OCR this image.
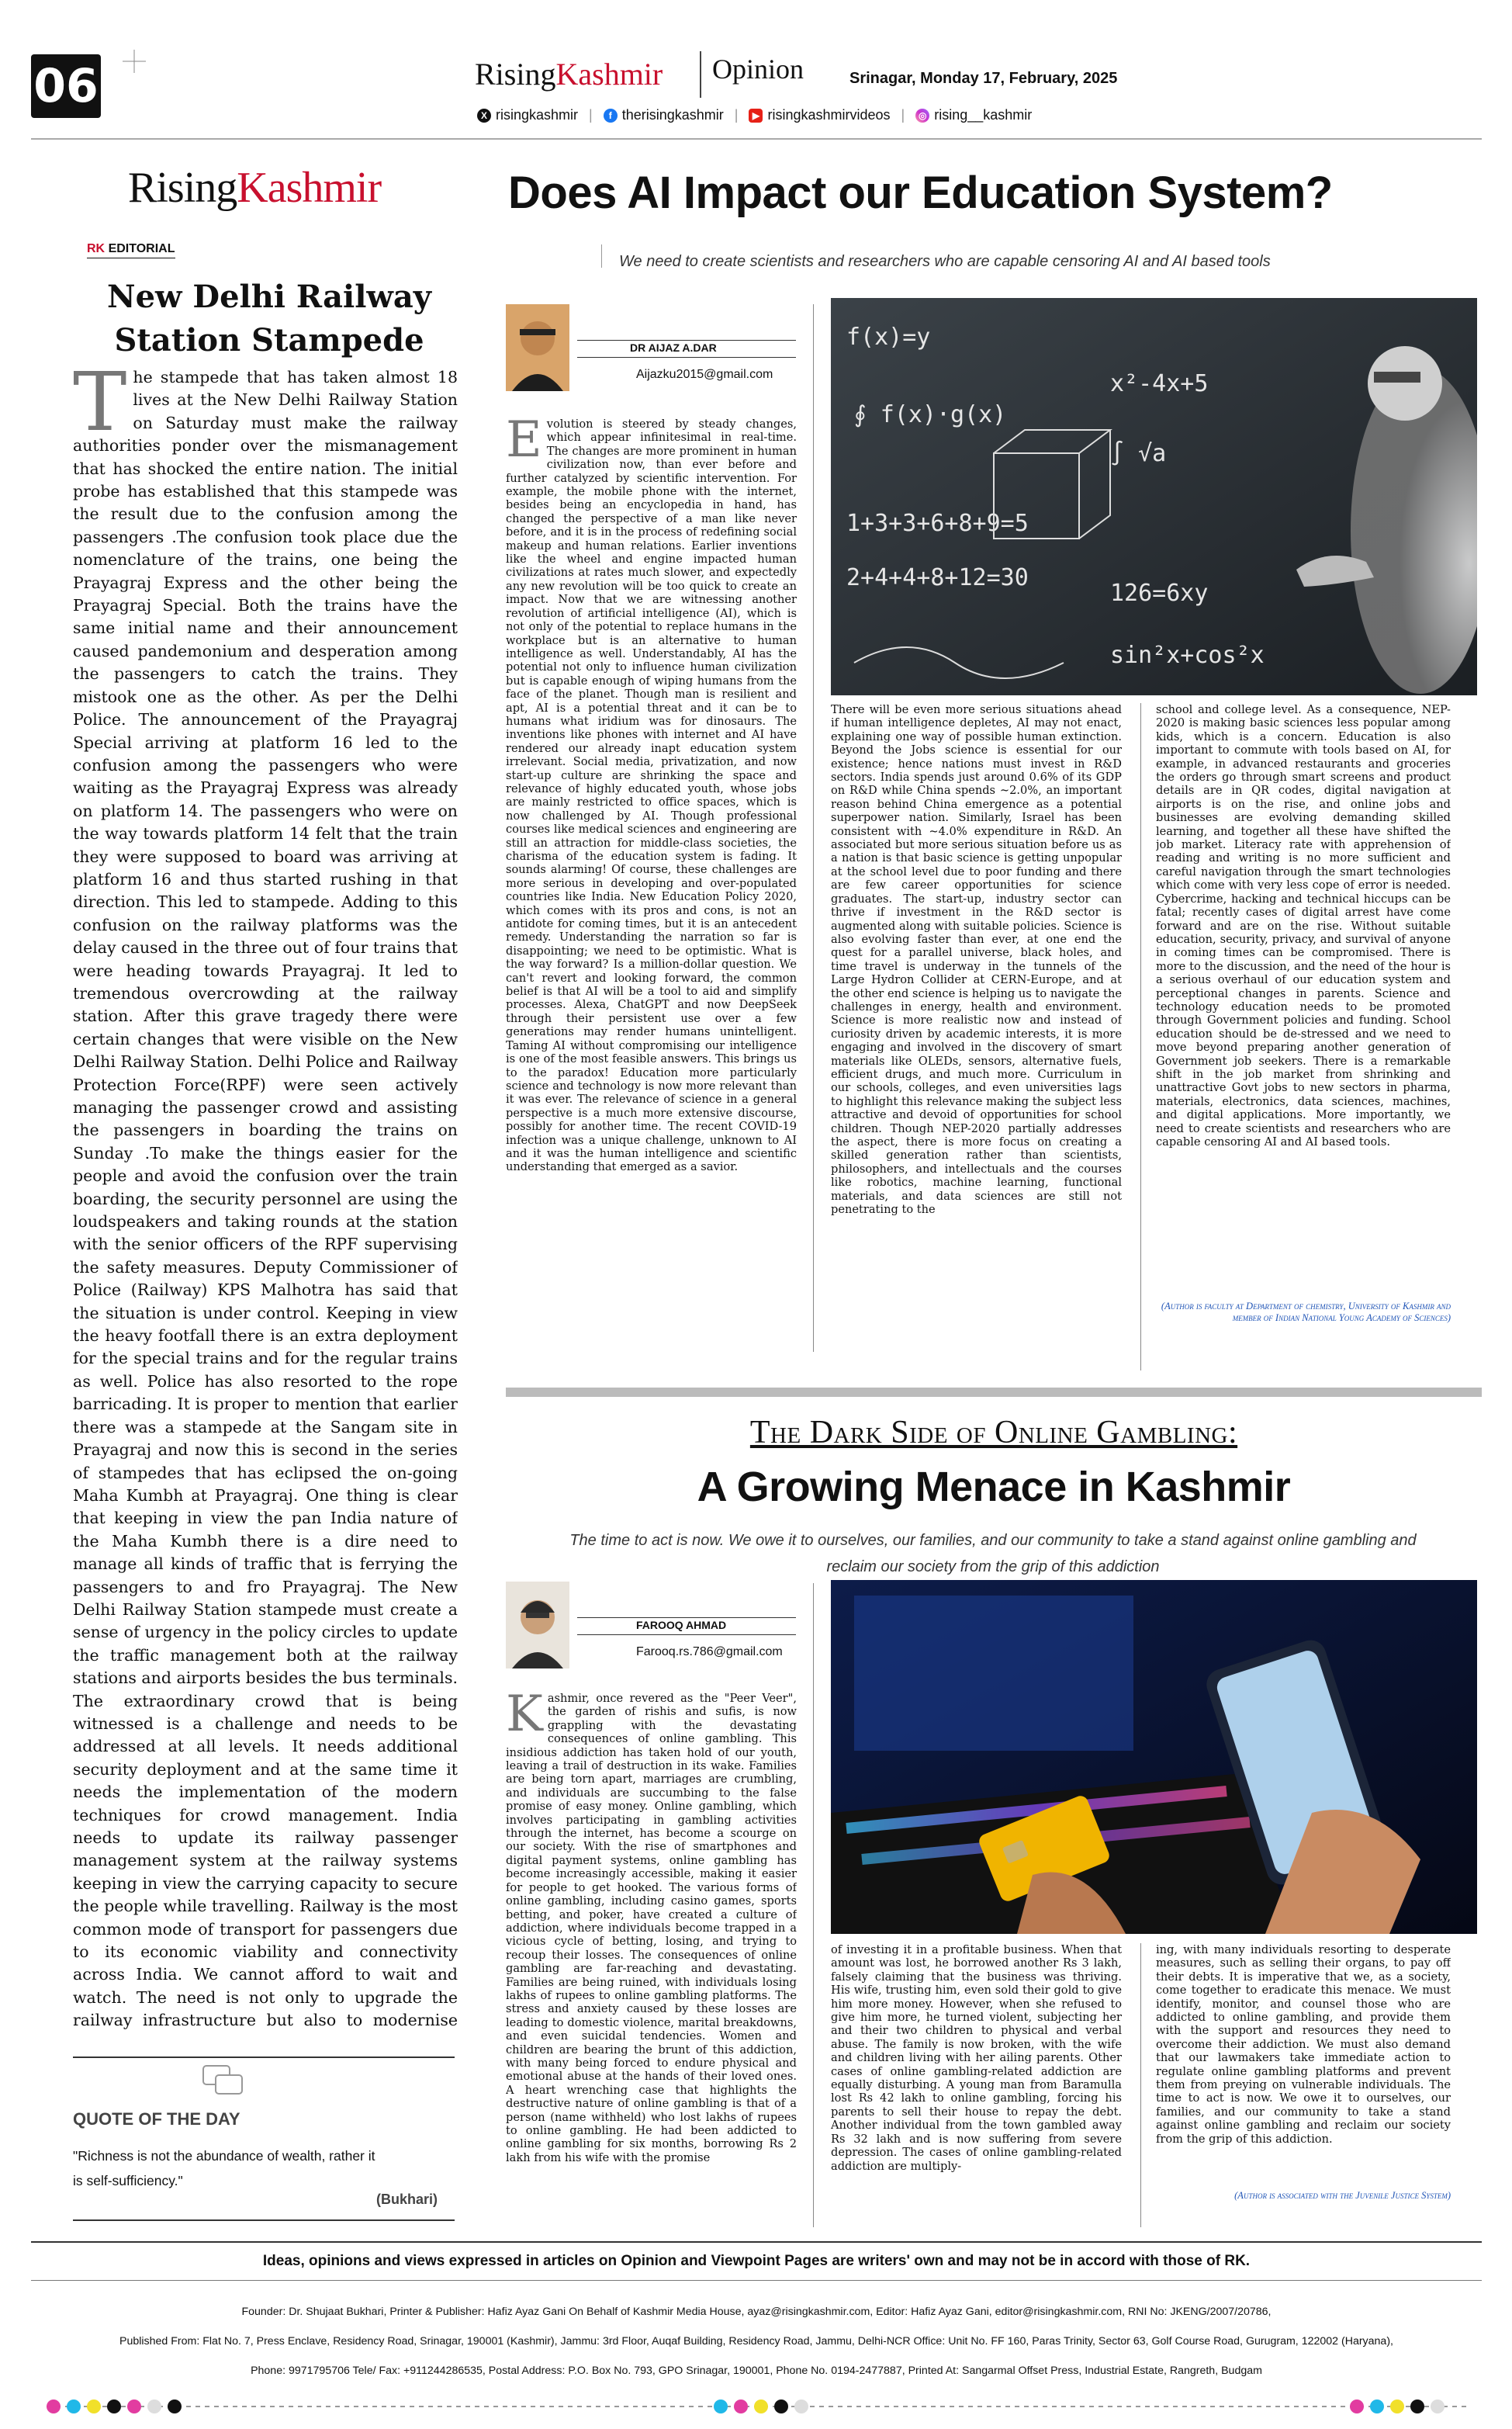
06	RisingKashmir Opinion	Srinagar, Monday 17, February, 2025
X risingkashmir |	f therisingkashmir |	▶ risingkashmirvideos |	◎ rising__kashmir
RisingKashmir
RK EDITORIAL
New Delhi Railway Station Stampede
The stampede that has taken almost 18 lives at the New Delhi Railway Station on Saturday must make the railway authorities ponder over the mismanagement that has shocked the entire nation. The initial probe has established that this stampede was the result due to the confusion among the passengers .The confusion took place due the nomenclature of the trains, one being the Prayagraj Express and the other being the Prayagraj Special. Both the trains have the same initial name and their announcement caused pandemonium and desperation among the passengers to catch the trains. They mistook one as the other. As per the Delhi Police. The announcement of the Prayagraj Special arriving at platform 16 led to the confusion among the passengers who were waiting as the Prayagraj Express was already on platform 14. The passengers who were on the way towards platform 14 felt that the train they were supposed to board was arriving at platform 16 and thus started rushing in that direction. This led to stampede. Adding to this confusion on the railway platforms was the delay caused in the three out of four trains that were heading towards Prayagraj. It led to tremendous overcrowding at the railway station. After this grave tragedy there were certain changes that were visible on the New Delhi Railway Station. Delhi Police and Railway Protection Force(RPF) were seen actively managing the passenger crowd and assisting the passengers in boarding the trains on Sunday .To make the things easier for the people and avoid the confusion over the train boarding, the security personnel are using the loudspeakers and taking rounds at the station with the senior officers of the RPF supervising the safety measures. Deputy Commissioner of Police (Railway) KPS Malhotra has said that the situation is under control. Keeping in view the heavy footfall there is an extra deployment for the special trains and for the regular trains as well. Police has also resorted to the rope barricading. It is proper to mention that earlier there was a stampede at the Sangam site in Prayagraj and now this is second in the series of stampedes that has eclipsed the on-going Maha Kumbh at Prayagraj. One thing is clear that keeping in view the pan India nature of the Maha Kumbh there is a dire need to manage all kinds of traffic that is ferrying the passengers to and fro Prayagraj. The New Delhi Railway Station stampede must create a sense of urgency in the policy circles to update the traffic management both at the railway stations and airports besides the bus terminals. The extraordinary crowd that is being witnessed is a challenge and needs to be addressed at all levels. It needs additional security deployment and at the same time it needs the implementation of the modern techniques for crowd management. India needs to update its railway passenger management system at the railway systems keeping in view the carrying capacity to secure the people while travelling. Railway is the most common mode of transport for passengers due to its economic viability and connectivity across India. We cannot afford to wait and watch. The need is not only to upgrade the railway infrastructure but also to modernise
QUOTE OF THE DAY
"Richness is not the abundance of wealth, rather it is self-sufficiency."
(Bukhari)
Does AI Impact our Education System?
We need to create scientists and researchers who are capable censoring AI and AI based tools
DR AIJAZ A.DAR
Aijazku2015@gmail.com
Evolution is steered by steady changes, which appear infinitesimal in real-time. The changes are more prominent in human civilization now, than ever before and further catalyzed by scientific intervention. For example, the mobile phone with the internet, besides being an encyclopedia in hand, has changed the perspective of a man like never before, and it is in the process of redefining social makeup and human relations. Earlier inventions like the wheel and engine impacted human civilizations at rates much slower, and expectedly any new revolution will be too quick to create an impact. Now that we are witnessing another revolution of artificial intelligence (AI), which is not only of the potential to replace humans in the workplace but is an alternative to human intelligence as well. Understandably, AI has the potential not only to influence human civilization but is capable enough of wiping humans from the face of the planet. Though man is resilient and apt, AI is a potential threat and it can be to humans what iridium was for dinosaurs. The inventions like phones with internet and AI have rendered our already inapt education system irrelevant. Social media, privatization, and now start-up culture are shrinking the space and relevance of highly educated youth, whose jobs are mainly restricted to office spaces, which is now challenged by AI. Though professional courses like medical sciences and engineering are still an attraction for middle-class societies, the charisma of the education system is fading. It sounds alarming! Of course, these challenges are more serious in developing and over-populated countries like India. New Education Policy 2020, which comes with its pros and cons, is not an antidote for coming times, but it is an antecedent remedy. Understanding the narration so far is disappointing; we need to be optimistic. What is the way forward? Is a million-dollar question. We can't revert and looking forward, the common belief is that AI will be a tool to aid and simplify processes. Alexa, ChatGPT and now DeepSeek through their persistent use over a few generations may render humans unintelligent. Taming AI without compromising our intelligence is one of the most feasible answers. This brings us to the paradox! Education more particularly science and technology is now more relevant than it was ever. The relevance of science in a general perspective is a much more extensive discourse, possibly for another time. The recent COVID-19 infection was a unique challenge, unknown to AI and it was the human intelligence and scientific understanding that emerged as a savior.
f(x)=y
∮ f(x)·g(x)
x²-4x+5
1+3+3+6+8+9=5
2+4+4+8+12=30
∫ √a
126=6xy
sin²x+cos²x
There will be even more serious situations ahead if human intelligence depletes, AI may not enact, explaining one way of possible human extinction. Beyond the Jobs science is essential for our existence; hence nations must invest in R&D sectors. India spends just around 0.6% of its GDP on R&D while China spends ~2.0%, an important reason behind China emergence as a potential superpower nation. Similarly, Israel has been consistent with ~4.0% expenditure in R&D. An associated but more serious situation before us as a nation is that basic science is getting unpopular at the school level due to poor funding and there are few career opportunities for science graduates. The start-up, industry sector can thrive if investment in the R&D sector is augmented along with suitable policies. Science is also evolving faster than ever, at one end the quest for a parallel universe, black holes, and time travel is underway in the tunnels of the Large Hydron Collider at CERN-Europe, and at the other end science is helping us to navigate the challenges in energy, health and environment. Science is more realistic now and instead of curiosity driven by academic interests, it is more engaging and involved in the discovery of smart materials like OLEDs, sensors, alternative fuels, efficient drugs, and much more. Curriculum in our schools, colleges, and even universities lags to highlight this relevance making the subject less attractive and devoid of opportunities for school children. Though NEP-2020 partially addresses the aspect, there is more focus on creating a skilled generation rather than scientists, philosophers, and intellectuals and the courses like robotics, machine learning, functional materials, and data sciences are still not penetrating to the
school and college level. As a consequence, NEP-2020 is making basic sciences less popular among kids, which is a concern. Education is also important to commute with tools based on AI, for example, in advanced restaurants and groceries the orders go through smart screens and product details are in QR codes, digital navigation at airports is on the rise, and online jobs and businesses are evolving demanding skilled learning, and together all these have shifted the job market. Literacy rate with apprehension of reading and writing is no more sufficient and careful navigation through the smart technologies which come with very less cope of error is needed. Cybercrime, hacking and technical hiccups can be fatal; recently cases of digital arrest have come forward and are on the rise. Without suitable education, security, privacy, and survival of anyone in coming times can be compromised. There is more to the discussion, and the need of the hour is a serious overhaul of our education system and perceptional changes in parents. Science and technology education needs to be promoted through Government policies and funding. School education should be de-stressed and we need to move beyond preparing another generation of Government job seekers. There is a remarkable shift in the job market from shrinking and unattractive Govt jobs to new sectors in pharma, materials, electronics, data sciences, machines, and digital applications. More importantly, we need to create scientists and researchers who are capable censoring AI and AI based tools.
(Author is faculty at Department of chemistry, University of Kashmir and member of Indian National Young Academy of Sciences)
The Dark Side of Online Gambling:
A Growing Menace in Kashmir
The time to act is now. We owe it to ourselves, our families, and our community to take a stand against online gambling and reclaim our society from the grip of this addiction
FAROOQ AHMAD
Farooq.rs.786@gmail.com
Kashmir, once revered as the "Peer Veer", the garden of rishis and sufis, is now grappling with the devastating consequences of online gambling. This insidious addiction has taken hold of our youth, leaving a trail of destruction in its wake. Families are being torn apart, marriages are crumbling, and individuals are succumbing to the false promise of easy money. Online gambling, which involves participating in gambling activities through the internet, has become a scourge on our society. With the rise of smartphones and digital payment systems, online gambling has become increasingly accessible, making it easier for people to get hooked. The various forms of online gambling, including casino games, sports betting, and poker, have created a culture of addiction, where individuals become trapped in a vicious cycle of betting, losing, and trying to recoup their losses. The consequences of online gambling are far-reaching and devastating. Families are being ruined, with individuals losing lakhs of rupees to online gambling platforms. The stress and anxiety caused by these losses are leading to domestic violence, marital breakdowns, and even suicidal tendencies. Women and children are bearing the brunt of this addiction, with many being forced to endure physical and emotional abuse at the hands of their loved ones. A heart wrenching case that highlights the destructive nature of online gambling is that of a person (name withheld) who lost lakhs of rupees to online gambling. He had been addicted to online gambling for six months, borrowing Rs 2 lakh from his wife with the promise
of investing it in a profitable business. When that amount was lost, he borrowed another Rs 3 lakh, falsely claiming that the business was thriving. His wife, trusting him, even sold their gold to give him more money. However, when she refused to give him more, he turned violent, subjecting her and their two children to physical and verbal abuse. The family is now broken, with the wife and children living with her ailing parents. Other cases of online gambling-related addiction are equally disturbing. A young man from Baramulla lost Rs 42 lakh to online gambling, forcing his parents to sell their house to repay the debt. Another individual from the town gambled away Rs 32 lakh and is now suffering from severe depression. The cases of online gambling-related addiction are multiply-
ing, with many individuals resorting to desperate measures, such as selling their organs, to pay off their debts. It is imperative that we, as a society, come together to eradicate this menace. We must identify, monitor, and counsel those who are addicted to online gambling, and provide them with the support and resources they need to overcome their addiction. We must also demand that our lawmakers take immediate action to regulate online gambling platforms and prevent them from preying on vulnerable individuals. The time to act is now. We owe it to ourselves, our families, and our community to take a stand against online gambling and reclaim our society from the grip of this addiction.
(Author is associated with the Juvenile Justice System)
Ideas, opinions and views expressed in articles on Opinion and Viewpoint Pages are writers' own and may not be in accord with those of RK.
Founder: Dr. Shujaat Bukhari, Printer & Publisher: Hafiz Ayaz Gani On Behalf of Kashmir Media House, ayaz@risingkashmir.com, Editor: Hafiz Ayaz Gani, editor@risingkashmir.com, RNI No: JKENG/2007/20786,
Published From: Flat No. 7, Press Enclave, Residency Road, Srinagar, 190001 (Kashmir), Jammu: 3rd Floor, Auqaf Building, Residency Road, Jammu, Delhi-NCR Office: Unit No. FF 160, Paras Trinity, Sector 63, Golf Course Road, Gurugram, 122002 (Haryana),
Phone: 9971795706 Tele/ Fax: +911244286535, Postal Address: P.O. Box No. 793, GPO Srinagar, 190001, Phone No. 0194-2477887, Printed At: Sangarmal Offset Press, Industrial Estate, Rangreth, Budgam
